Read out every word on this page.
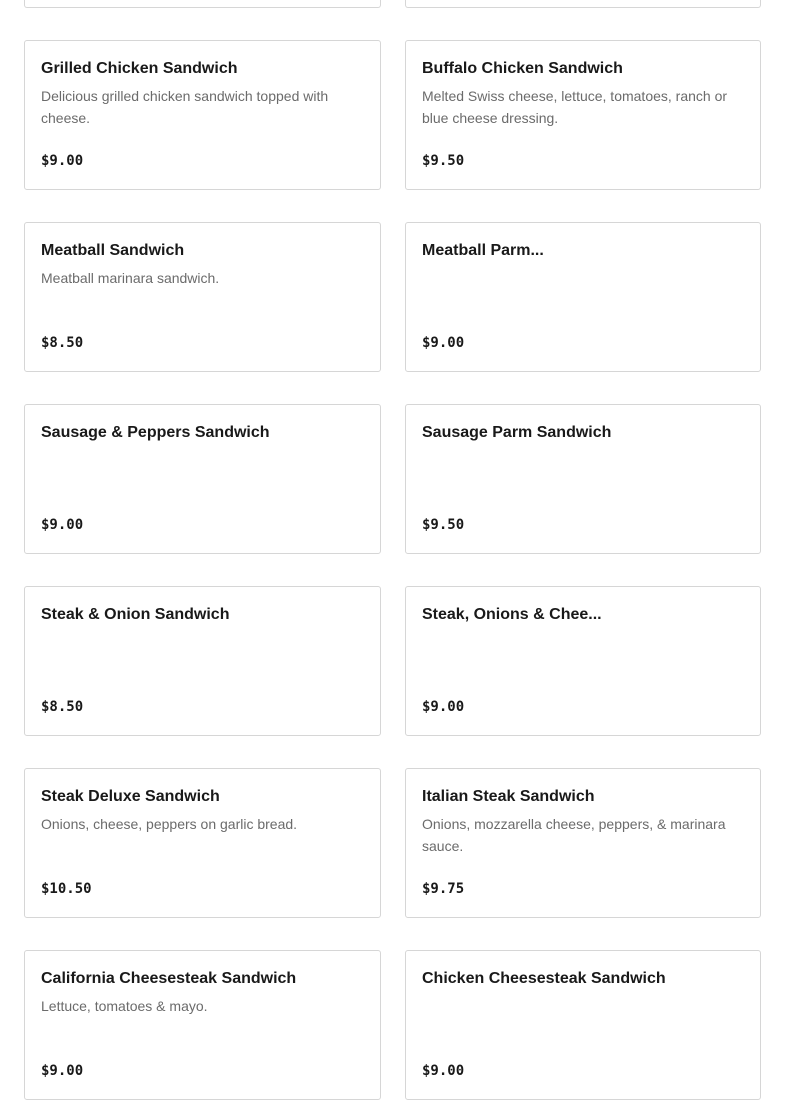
Grilled Chicken Sandwich
Delicious grilled chicken sandwich topped with cheese.
$9.00
Buffalo Chicken Sandwich
Melted Swiss cheese, lettuce, tomatoes, ranch or blue cheese dressing.
$9.50
Meatball Sandwich
Meatball marinara sandwich.
$8.50
Meatball Parm...
$9.00
Sausage & Peppers Sandwich
$9.00
Sausage Parm Sandwich
$9.50
Steak & Onion Sandwich
$8.50
Steak, Onions & Chee...
$9.00
Steak Deluxe Sandwich
Onions, cheese, peppers on garlic bread.
$10.50
Italian Steak Sandwich
Onions, mozzarella cheese, peppers, & marinara sauce.
$9.75
California Cheesesteak Sandwich
Lettuce, tomatoes & mayo.
$9.00
Chicken Cheesesteak Sandwich
$9.00
